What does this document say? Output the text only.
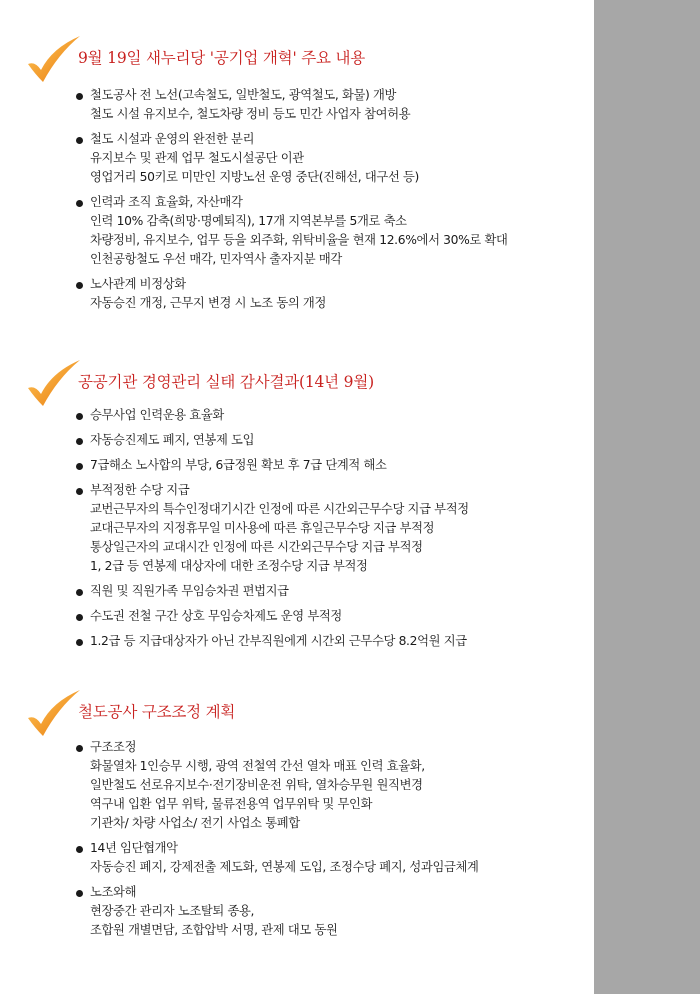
9월 19일 새누리당 '공기업 개혁' 주요 내용
철도공사 전 노선(고속철도, 일반철도, 광역철도, 화물) 개방
철도 시설 유지보수, 철도차량 정비 등도 민간 사업자 참여허용
철도 시설과 운영의 완전한 분리
유지보수 및 관제 업무 철도시설공단 이관
영업거리 50키로 미만인 지방노선 운영 중단(진해선, 대구선 등)
인력과 조직 효율화, 자산매각
인력 10% 감축(희망·명예퇴직), 17개 지역본부를 5개로 축소
차량정비, 유지보수, 업무 등을 외주화, 위탁비율을 현재 12.6%에서 30%로 확대
인천공항철도 우선 매각, 민자역사 출자지분 매각
노사관계 비정상화
자동승진 개정, 근무지 변경 시 노조 동의 개정
공공기관 경영관리 실태 감사결과(14년 9월)
승무사업 인력운용 효율화
자동승진제도 폐지, 연봉제 도입
7급해소 노사합의 부당, 6급정원 확보 후 7급 단계적 해소
부적정한 수당 지급
교번근무자의 특수인정대기시간 인정에 따른 시간외근무수당 지급 부적정
교대근무자의 지정휴무일 미사용에 따른 휴일근무수당 지급 부적정
통상일근자의 교대시간 인정에 따른 시간외근무수당 지급 부적정
1, 2급 등 연봉제 대상자에 대한 조정수당 지급 부적정
직원 및 직원가족 무임승차권 편법지급
수도권 전철 구간 상호 무임승차제도 운영 부적정
1.2급 등 지급대상자가 아닌 간부직원에게 시간외 근무수당 8.2억원 지급
철도공사 구조조정 계획
구조조정
화물열차 1인승무 시행, 광역 전철역 간선 열차 매표 인력 효율화,
일반철도 선로유지보수·전기장비운전 위탁, 열차승무원 원직변경
역구내 입환 업무 위탁, 물류전용역 업무위탁 및 무인화
기관차/ 차량 사업소/ 전기 사업소 통폐합
14년 임단협개악
자동승진 폐지, 강제전출 제도화, 연봉제 도입, 조정수당 폐지, 성과임금체계
노조와해
현장중간 관리자 노조탈퇴 종용,
조합원 개별면담, 조합압박 서명, 관제 대모 동원
